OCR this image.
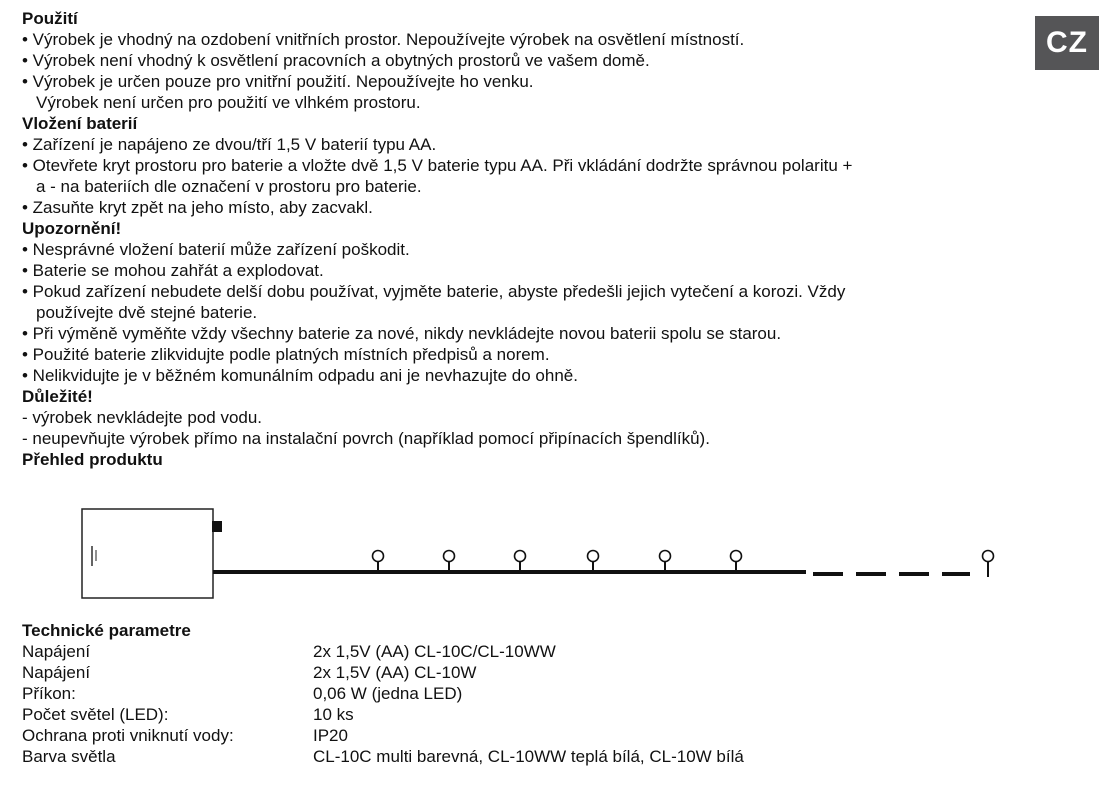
CZ
Použití
• Výrobek je vhodný na ozdobení vnitřních prostor. Nepoužívejte výrobek na osvětlení místností.
• Výrobek není vhodný k osvětlení pracovních a obytných prostorů ve vašem domě.
• Výrobek je určen pouze pro vnitřní použití. Nepoužívejte ho venku.
Výrobek není určen pro použití ve vlhkém prostoru.
Vložení baterií
• Zařízení je napájeno ze dvou/tří 1,5 V baterií typu AA.
• Otevřete kryt prostoru pro baterie a vložte dvě 1,5 V baterie typu AA. Při vkládání dodržte správnou polaritu +
a - na bateriích dle označení v prostoru pro baterie.
• Zasuňte kryt zpět na jeho místo, aby zacvakl.
Upozornění!
• Nesprávné vložení baterií může zařízení poškodit.
• Baterie se mohou zahřát a explodovat.
• Pokud zařízení nebudete delší dobu používat, vyjměte baterie, abyste předešli jejich vytečení a korozi. Vždy
používejte dvě stejné baterie.
• Při výměně vyměňte vždy všechny baterie za nové, nikdy nevkládejte novou baterii spolu se starou.
• Použité baterie zlikvidujte podle platných místních předpisů a norem.
• Nelikvidujte je v běžném komunálním odpadu ani je nevhazujte do ohně.
Důležité!
- výrobek nevkládejte pod vodu.
- neupevňujte výrobek přímo na instalační povrch (například pomocí připínacích špendlíků).
Přehled produktu
Technické parametre
Napájení	2x 1,5V (AA) CL-10C/CL-10WW
Napájení	2x 1,5V (AA) CL-10W
Příkon:	0,06 W (jedna LED)
Počet světel (LED):	10 ks
Ochrana proti vniknutí vody:	IP20
Barva světla	CL-10C multi barevná, CL-10WW teplá bílá, CL-10W bílá
